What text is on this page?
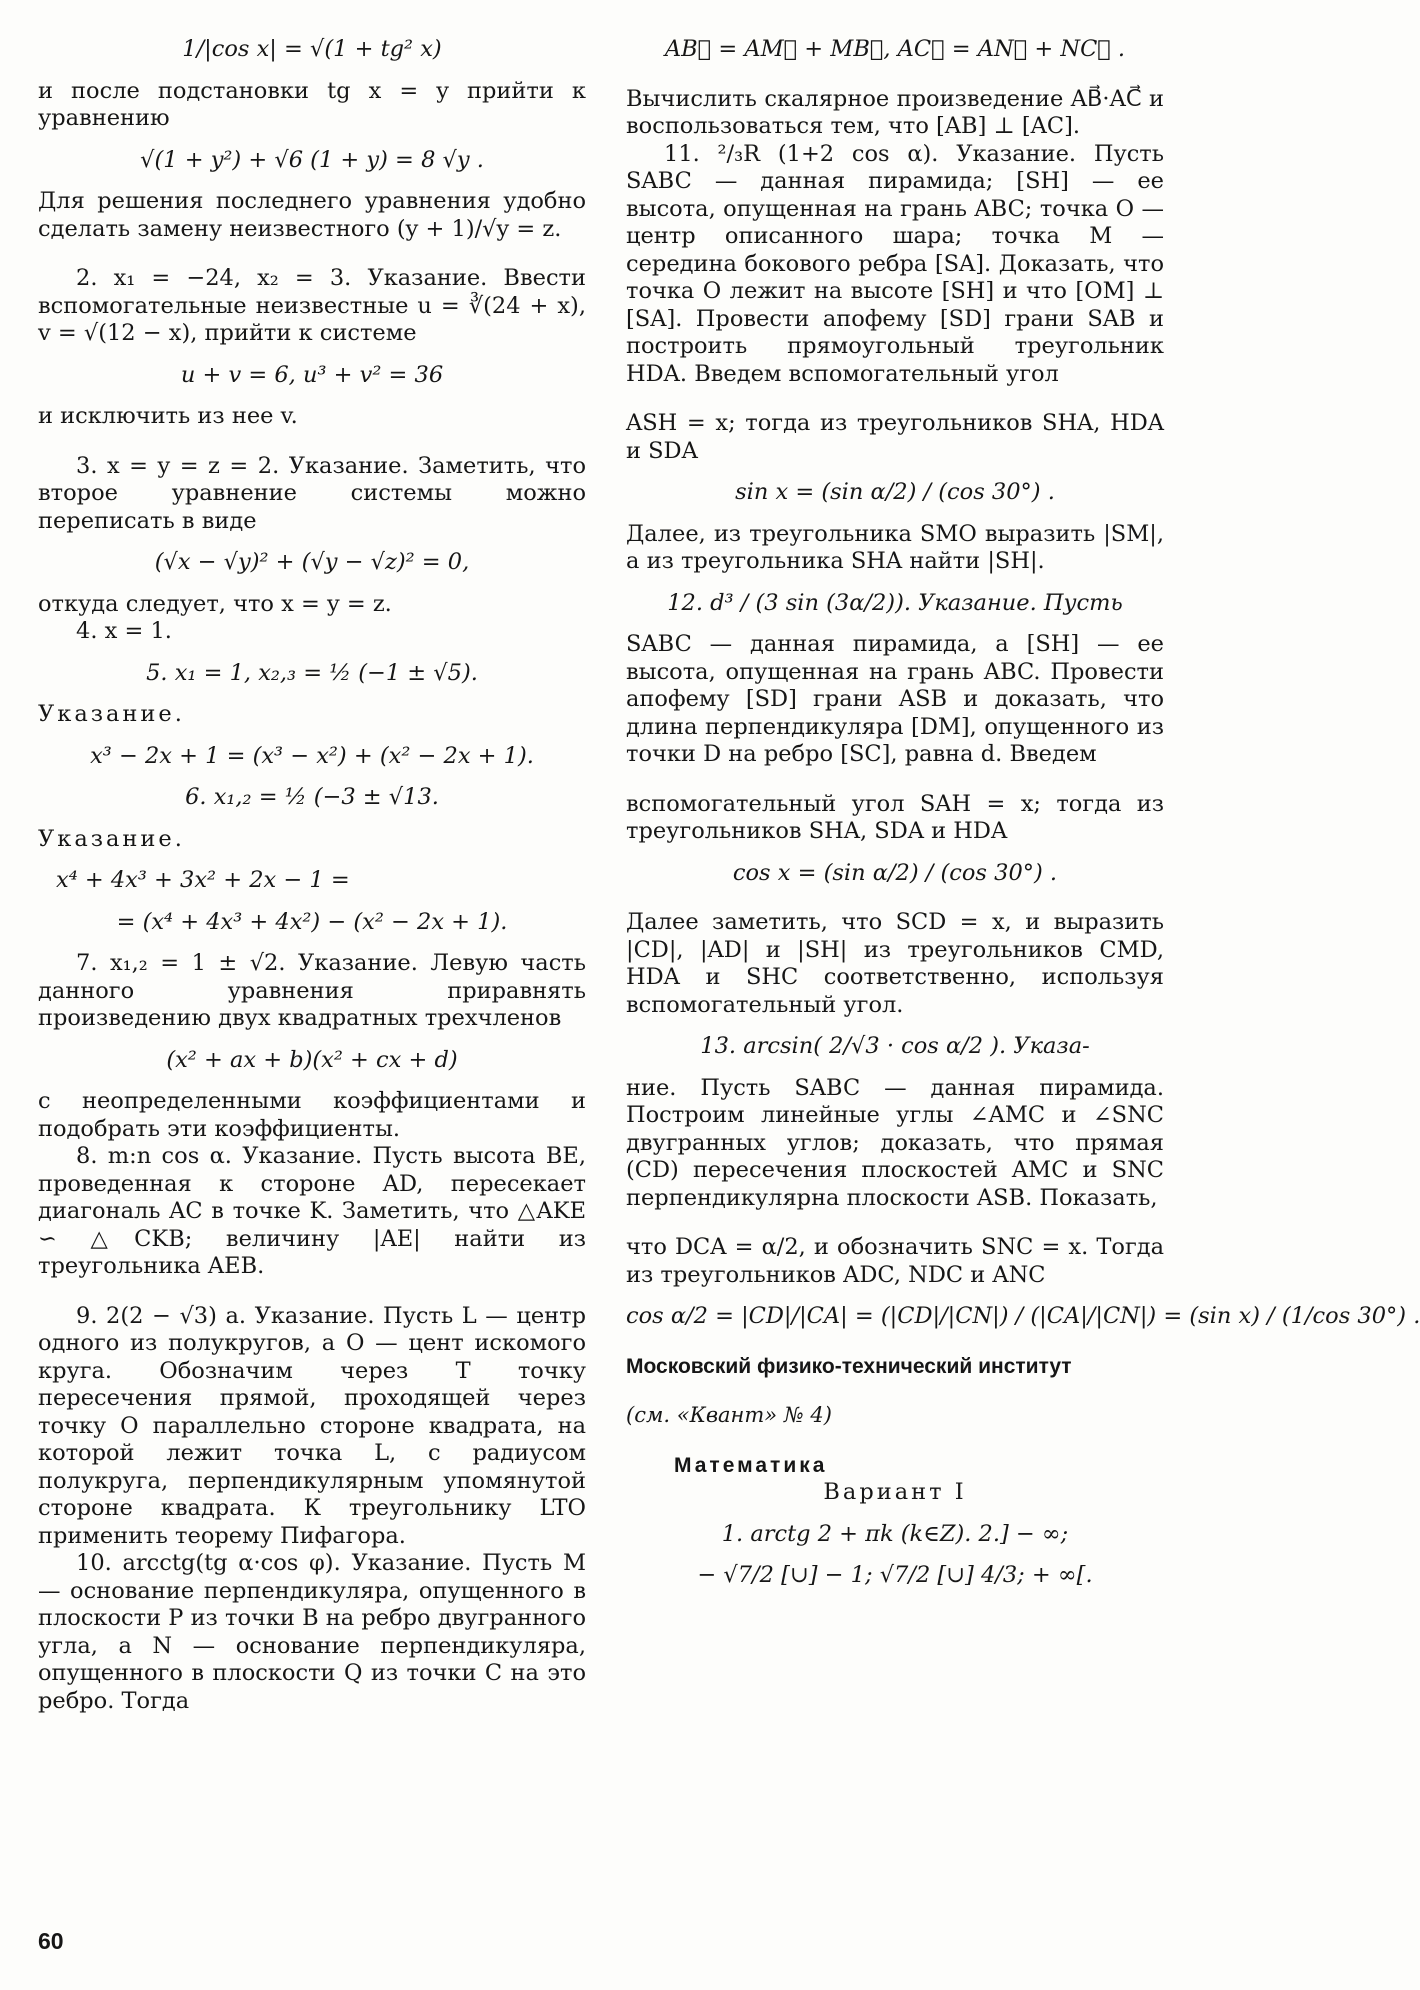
1/|cos x| = √(1 + tg² x)

и после подстановки tg x = y прийти к уравнению

√(1 + y²) + √6 (1 + y) = 8 √y .

Для решения последнего уравнения удобно сделать замену неизвестного (y + 1)/√y = z.

2. x₁ = −24, x₂ = 3. Указание. Ввести вспомогательные неизвестные u = ∛(24 + x), v = √(12 − x), прийти к системе

u + v = 6, u³ + v² = 36

и исключить из нее v.

3. x = y = z = 2. Указание. Заметить, что второе уравнение системы можно переписать в виде

(√x − √y)² + (√y − √z)² = 0,

откуда следует, что x = y = z.

4. x = 1.

5. x₁ = 1, x₂,₃ = ½ (−1 ± √5).

Указание.

x³ − 2x + 1 = (x³ − x²) + (x² − 2x + 1).
6. x₁,₂ = ½ (−3 ± √13.

Указание.

x⁴ + 4x³ + 3x² + 2x − 1 =
= (x⁴ + 4x³ + 4x²) − (x² − 2x + 1).

7. x₁,₂ = 1 ± √2. Указание. Левую часть данного уравнения приравнять произведению двух квадратных трехчленов

(x² + ax + b)(x² + cx + d)

с неопределенными коэффициентами и подобрать эти коэффициенты.

8. m:n cos α. Указание. Пусть высота BE, проведенная к стороне AD, пересекает диагональ AC в точке K. Заметить, что △AKE ∽ △CKB; величину |AE| найти из треугольника AEB.

9. 2(2 − √3) a. Указание. Пусть L — центр одного из полукругов, а O — цент искомого круга. Обозначим через T точку пересечения прямой, проходящей через точку O параллельно стороне квадрата, на которой лежит точка L, с радиусом полукруга, перпендикулярным упомянутой стороне квадрата. К треугольнику LTO применить теорему Пифагора.

10. arcctg(tg α·cos φ). Указание. Пусть M — основание перпендикуляра, опущенного в плоскости P из точки B на ребро двугранного угла, а N — основание перпендикуляра, опущенного в плоскости Q из точки C на это ребро. Тогда

AB⃗ = AM⃗ + MB⃗, AC⃗ = AN⃗ + NC⃗ .

Вычислить скалярное произведение AB⃗·AC⃗ и воспользоваться тем, что [AB] ⊥ [AC].

11. ²/₃R (1+2 cos α). Указание. Пусть SABC — данная пирамида; [SH] — ее высота, опущенная на грань ABC; точка O — центр описанного шара; точка M — середина бокового ребра [SA]. Доказать, что точка O лежит на высоте [SH] и что [OM] ⊥ [SA]. Провести апофему [SD] грани SAB и построить прямоугольный треугольник HDA. Введем вспомогательный угол

ASH = x; тогда из треугольников SHA, HDA и SDA

sin x = (sin α/2) / (cos 30°) .

Далее, из треугольника SMO выразить |SM|, а из треугольника SHA найти |SH|.

12. d³ / (3 sin (3α/2)). Указание. Пусть

SABC — данная пирамида, а [SH] — ее высота, опущенная на грань ABC. Провести апофему [SD] грани ASB и доказать, что длина перпендикуляра [DM], опущенного из точки D на ребро [SC], равна d. Введем

вспомогательный угол SAH = x; тогда из треугольников SHA, SDA и HDA

cos x = (sin α/2) / (cos 30°) .

Далее заметить, что SCD = x, и выразить |CD|, |AD| и |SH| из треугольников CMD, HDA и SHC соответственно, используя вспомогательный угол.

13. arcsin( 2/√3 · cos α/2 ). Указа-

ние. Пусть SABC — данная пирамида. Построим линейные углы ∠AMC и ∠SNC двугранных углов; доказать, что прямая (CD) пересечения плоскостей AMC и SNC перпендикулярна плоскости ASB. Показать,

что DCA = α/2, и обозначить SNC = x. Тогда из треугольников ADC, NDC и ANC

cos α/2 = |CD|/|CA| = (|CD|/|CN|) / (|CA|/|CN|) = (sin x) / (1/cos 30°) .

Московский физико-технический институт

(см. «Квант» № 4)

Математика

Вариант I

1. arctg 2 + πk (k∈Z). 2.] − ∞;
− √7/2 [∪] − 1; √7/2 [∪] 4/3; + ∞[.
60
